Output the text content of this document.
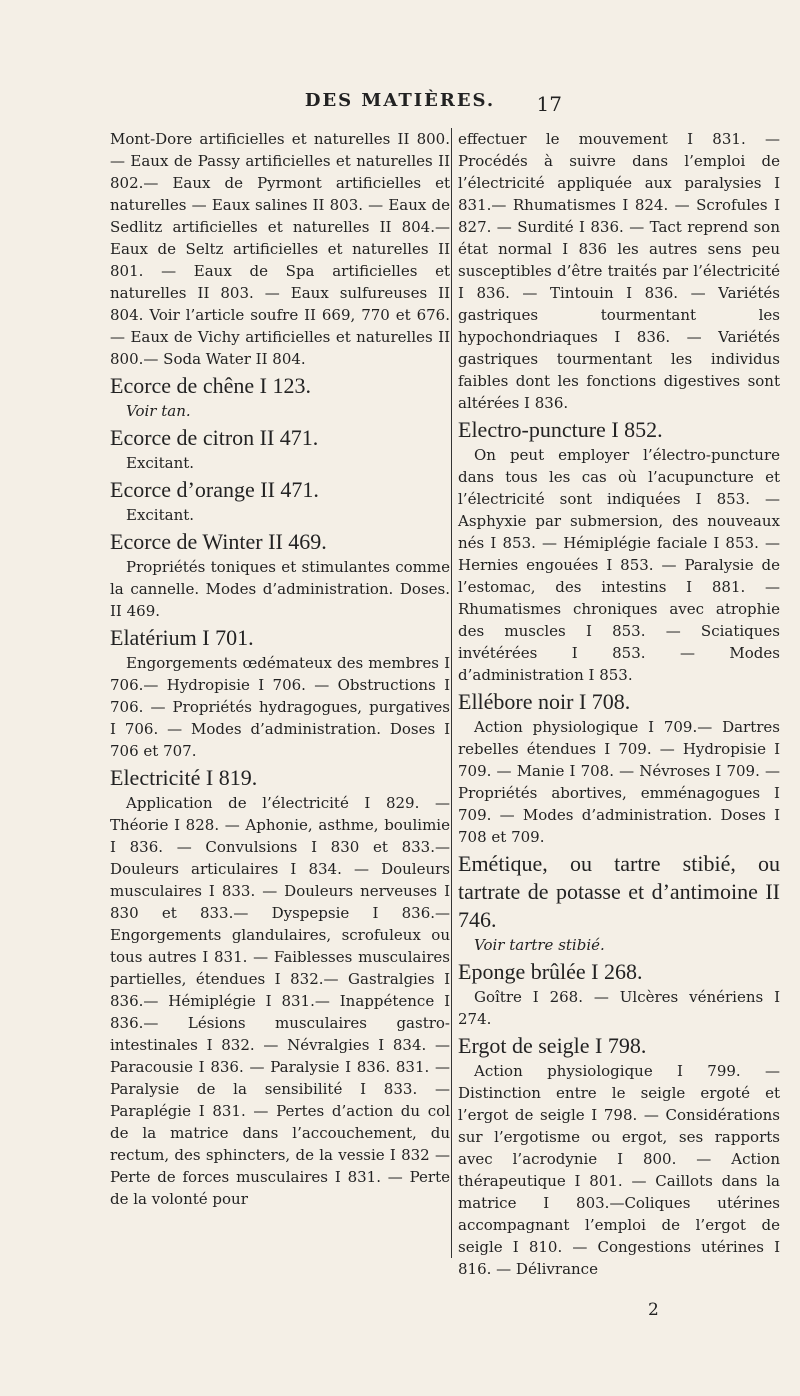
DES MATIÈRES.	17
Mont-Dore artificielles et naturelles II 800.— Eaux de Passy artificielles et naturelles II 802.— Eaux de Pyrmont artificielles et naturelles — Eaux salines II 803. — Eaux de Sedlitz artificielles et naturelles II 804.— Eaux de Seltz artificielles et naturelles II 801. — Eaux de Spa artificielles et naturelles II 803. — Eaux sulfureuses II 804. Voir l’article soufre II 669, 770 et 676. — Eaux de Vichy artificielles et naturelles II 800.— Soda Water II 804.
Ecorce de chêne I 123.
Voir tan.
Ecorce de citron II 471.
Excitant.
Ecorce d’orange II 471.
Excitant.
Ecorce de Winter II 469.
Propriétés toniques et stimulantes comme la cannelle. Modes d’administration. Doses. II 469.
Elatérium I 701.
Engorgements œdémateux des membres I 706.— Hydropisie I 706. — Obstructions I 706. — Propriétés hydragogues, purgatives I 706. — Modes d’administration. Doses I 706 et 707.
Electricité I 819.
Application de l’électricité I 829. — Théorie I 828. — Aphonie, asthme, boulimie I 836. — Convulsions I 830 et 833.— Douleurs articulaires I 834. — Douleurs musculaires I 833. — Douleurs nerveuses I 830 et 833.— Dyspepsie I 836.— Engorgements glandulaires, scrofuleux ou tous autres I 831. — Faiblesses musculaires partielles, étendues I 832.— Gastralgies I 836.— Hémiplégie I 831.— Inappétence I 836.— Lésions musculaires gastro-intestinales I 832. — Névralgies I 834. — Paracousie I 836. — Paralysie I 836. 831. — Paralysie de la sensibilité I 833. — Paraplégie I 831. — Pertes d’action du col de la matrice dans l’accouchement, du rectum, des sphincters, de la vessie I 832 — Perte de forces musculaires I 831. — Perte de la volonté pour
effectuer le mouvement I 831. — Procédés à suivre dans l’emploi de l’électricité appliquée aux paralysies I 831.— Rhumatismes I 824. — Scrofules I 827. — Surdité I 836. — Tact reprend son état normal I 836 les autres sens peu susceptibles d’être traités par l’électricité I 836. — Tintouin I 836. — Variétés gastriques tourmentant les hypochondriaques I 836. — Variétés gastriques tourmentant les individus faibles dont les fonctions digestives sont altérées I 836.
Electro-puncture I 852.
On peut employer l’électro-puncture dans tous les cas où l’acupuncture et l’électricité sont indiquées I 853. — Asphyxie par submersion, des nouveaux nés I 853. — Hémiplégie faciale I 853. — Hernies engouées I 853. — Paralysie de l’estomac, des intestins I 881. — Rhumatismes chroniques avec atrophie des muscles I 853. — Sciatiques invétérées I 853. — Modes d’administration I 853.
Ellébore noir I 708.
Action physiologique I 709.— Dartres rebelles étendues I 709. — Hydropisie I 709. — Manie I 708. — Névroses I 709. — Propriétés abortives, emménagogues I 709. — Modes d’administration. Doses I 708 et 709.
Emétique, ou tartre stibié, ou tartrate de potasse et d’antimoine II 746.
Voir tartre stibié.
Eponge brûlée I 268.
Goître I 268. — Ulcères vénériens I 274.
Ergot de seigle I 798.
Action physiologique I 799. — Distinction entre le seigle ergoté et l’ergot de seigle I 798. — Considérations sur l’ergotisme ou ergot, ses rapports avec l’acrodynie I 800. — Action thérapeutique I 801. — Caillots dans la matrice I 803.—Coliques utérines accompagnant l’emploi de l’ergot de seigle I 810. — Congestions utérines I 816. — Délivrance
2
